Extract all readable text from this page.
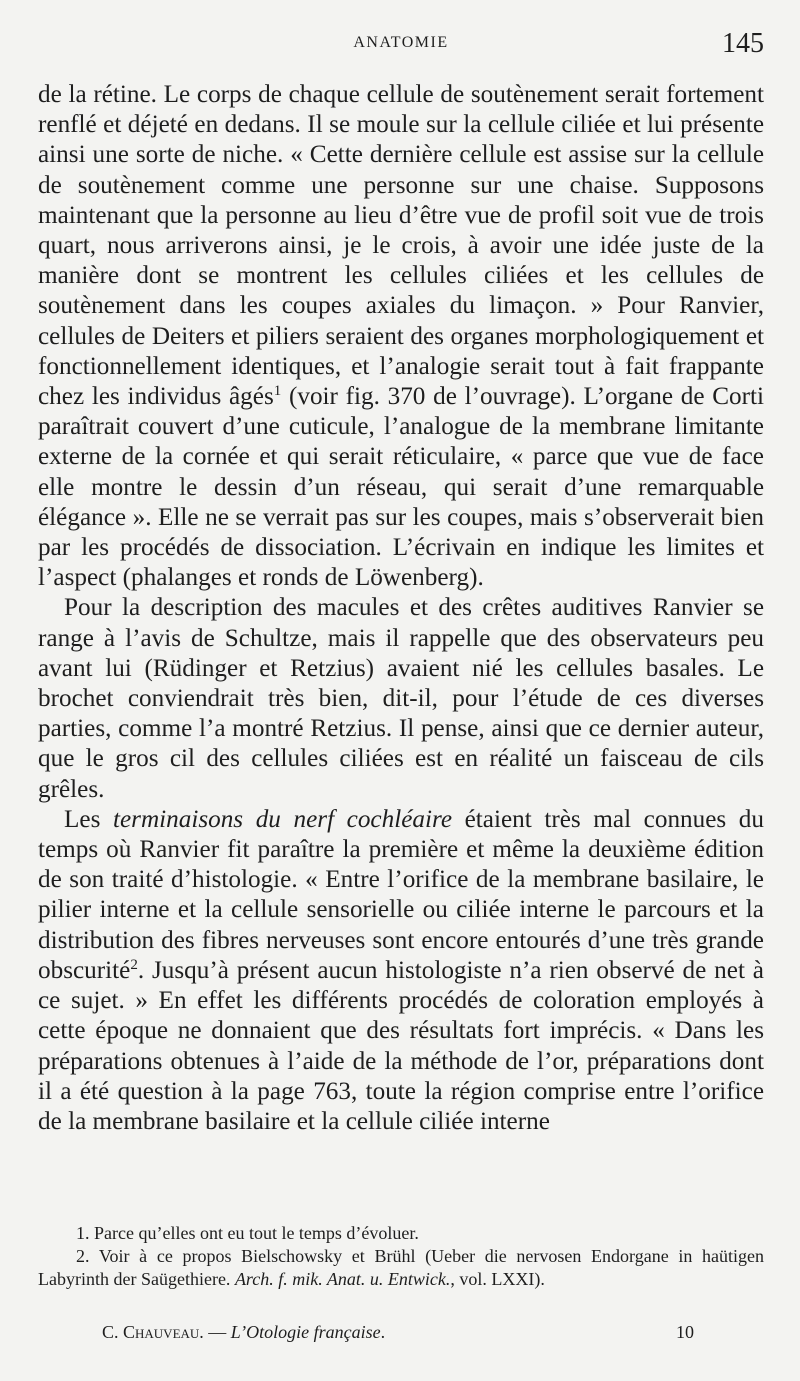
ANATOMIE	145

de la rétine. Le corps de chaque cellule de soutènement serait fortement renflé et déjeté en dedans. Il se moule sur la cellule ciliée et lui présente ainsi une sorte de niche. « Cette dernière cellule est assise sur la cellule de soutènement comme une personne sur une chaise. Supposons maintenant que la personne au lieu d’être vue de profil soit vue de trois quart, nous arriverons ainsi, je le crois, à avoir une idée juste de la manière dont se montrent les cellules ciliées et les cellules de soutènement dans les coupes axiales du limaçon. » Pour Ranvier, cellules de Deiters et piliers seraient des organes morphologiquement et fonctionnellement identiques, et l’analogie serait tout à fait frappante chez les individus âgés$^1$ (voir fig. 370 de l’ouvrage). L’organe de Corti paraîtrait couvert d’une cuticule, l’analogue de la membrane limitante externe de la cornée et qui serait réticulaire, « parce que vue de face elle montre le dessin d’un réseau, qui serait d’une remarquable élégance ». Elle ne se verrait pas sur les coupes, mais s’observerait bien par les procédés de dissociation. L’écrivain en indique les limites et l’aspect (phalanges et ronds de Löwenberg).

Pour la description des macules et des crêtes auditives Ranvier se range à l’avis de Schultze, mais il rappelle que des observateurs peu avant lui (Rüdinger et Retzius) avaient nié les cellules basales. Le brochet conviendrait très bien, dit-il, pour l’étude de ces diverses parties, comme l’a montré Retzius. Il pense, ainsi que ce dernier auteur, que le gros cil des cellules ciliées est en réalité un faisceau de cils grêles.

Les terminaisons du nerf cochléaire étaient très mal connues du temps où Ranvier fit paraître la première et même la deuxième édition de son traité d’histologie. « Entre l’orifice de la membrane basilaire, le pilier interne et la cellule sensorielle ou ciliée interne le parcours et la distribution des fibres nerveuses sont encore entourés d’une très grande obscurité$^2$. Jusqu’à présent aucun histologiste n’a rien observé de net à ce sujet. » En effet les différents procédés de coloration employés à cette époque ne donnaient que des résultats fort imprécis. « Dans les préparations obtenues à l’aide de la méthode de l’or, préparations dont il a été question à la page 763, toute la région comprise entre l’orifice de la membrane basilaire et la cellule ciliée interne

1. Parce qu’elles ont eu tout le temps d’évoluer.

2. Voir à ce propos Bielschowsky et Brühl (Ueber die nervosen Endorgane in haütigen Labyrinth der Saügethiere. Arch. f. mik. Anat. u. Entwick., vol. LXXI).

C. Chauveau. — L’Otologie française.	10
